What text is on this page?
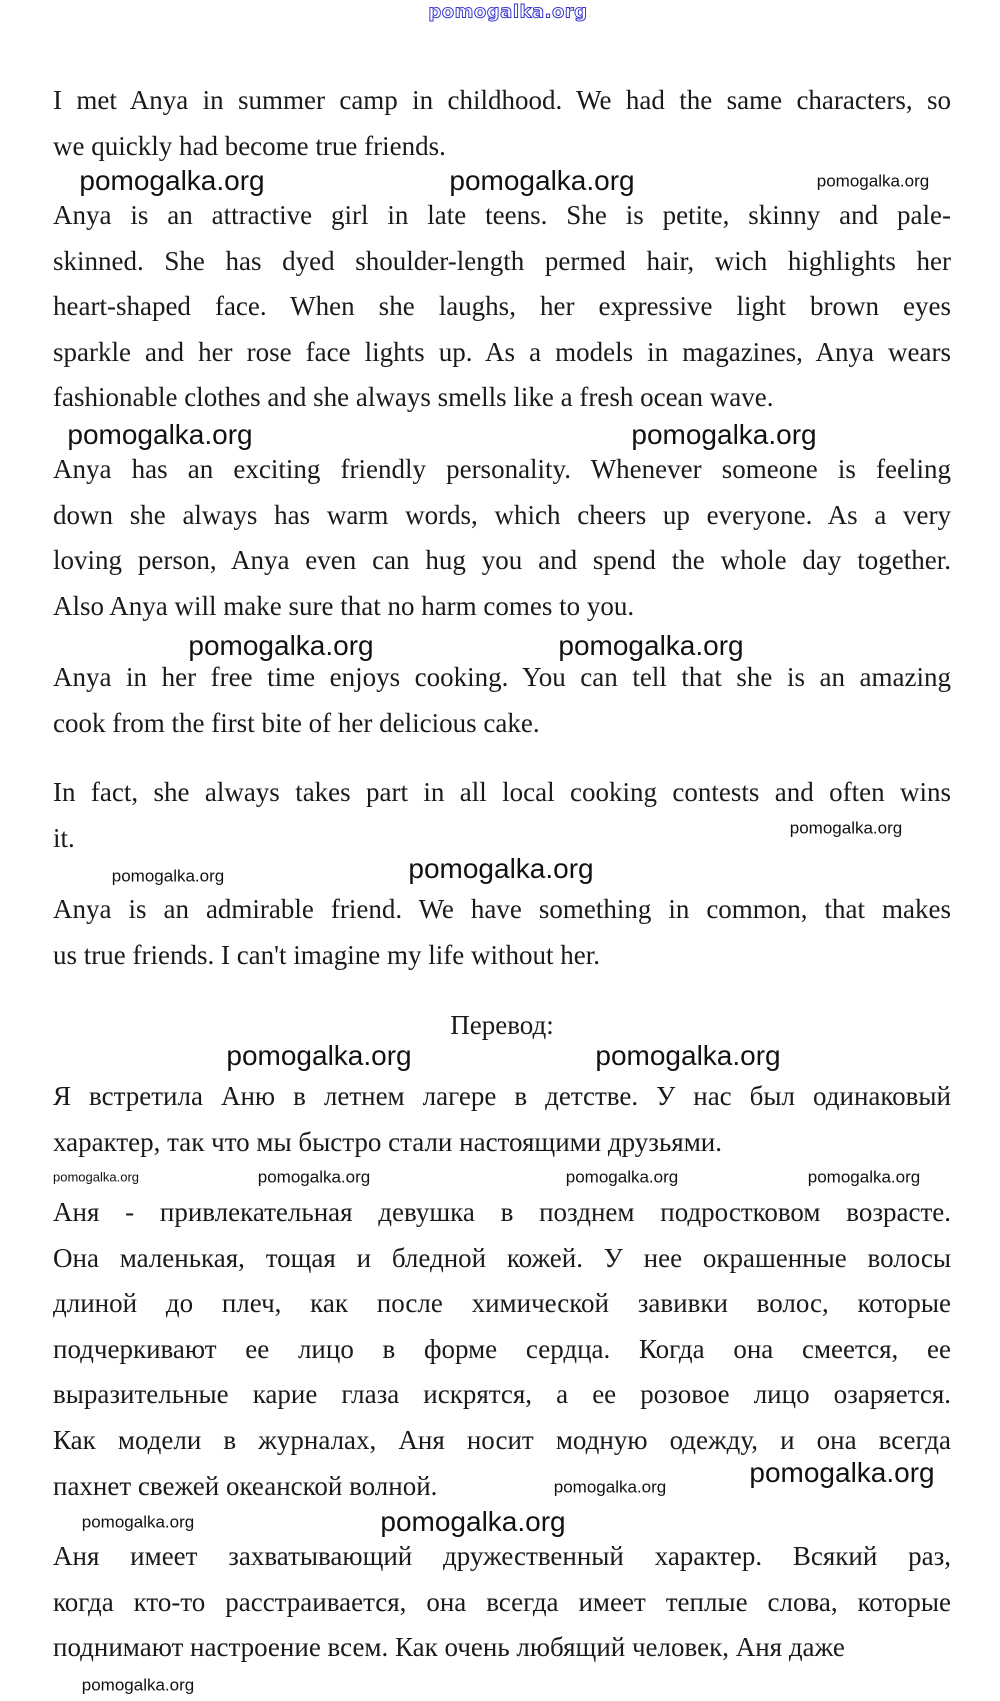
pomogalka.org
I met Anya in summer camp in childhood. We had the same characters, so
we quickly had become true friends.
Anya is an attractive girl in late teens. She is petite, skinny and pale-
skinned. She has dyed shoulder-length permed hair, wich highlights her
heart-shaped face. When she laughs, her expressive light brown eyes
sparkle and her rose face lights up. As a models in magazines, Anya wears
fashionable clothes and she always smells like a fresh ocean wave.
Anya has an exciting friendly personality. Whenever someone is feeling
down she always has warm words, which cheers up everyone. As a very
loving person, Anya even can hug you and spend the whole day together.
Also Anya will make sure that no harm comes to you.
Anya in her free time enjoys cooking. You can tell that she is an amazing
cook from the first bite of her delicious cake.
In fact, she always takes part in all local cooking contests and often wins
it.
Anya is an admirable friend. We have something in common, that makes
us true friends. I can't imagine my life without her.
Перевод:
Я встретила Аню в летнем лагере в детстве. У нас был одинаковый
характер, так что мы быстро стали настоящими друзьями.
Аня - привлекательная девушка в позднем подростковом возрасте.
Она маленькая, тощая и бледной кожей. У нее окрашенные волосы
длиной до плеч, как после химической завивки волос, которые
подчеркивают ее лицо в форме сердца. Когда она смеется, ее
выразительные карие глаза искрятся, а ее розовое лицо озаряется.
Как модели в журналах, Аня носит модную одежду, и она всегда
пахнет свежей океанской волной.
Аня имеет захватывающий дружественный характер. Всякий раз,
когда кто-то расстраивается, она всегда имеет теплые слова, которые
поднимают настроение всем. Как очень любящий человек, Аня даже
pomogalka.org	pomogalka.org	pomogalka.org
pomogalka.org	pomogalka.org
pomogalka.org	pomogalka.org
pomogalka.org
pomogalka.org	pomogalka.org
pomogalka.org	pomogalka.org
pomogalka.org	pomogalka.org	pomogalka.org
pomogalka.org
pomogalka.org	pomogalka.org
pomogalka.org	pomogalka.org
pomogalka.org
